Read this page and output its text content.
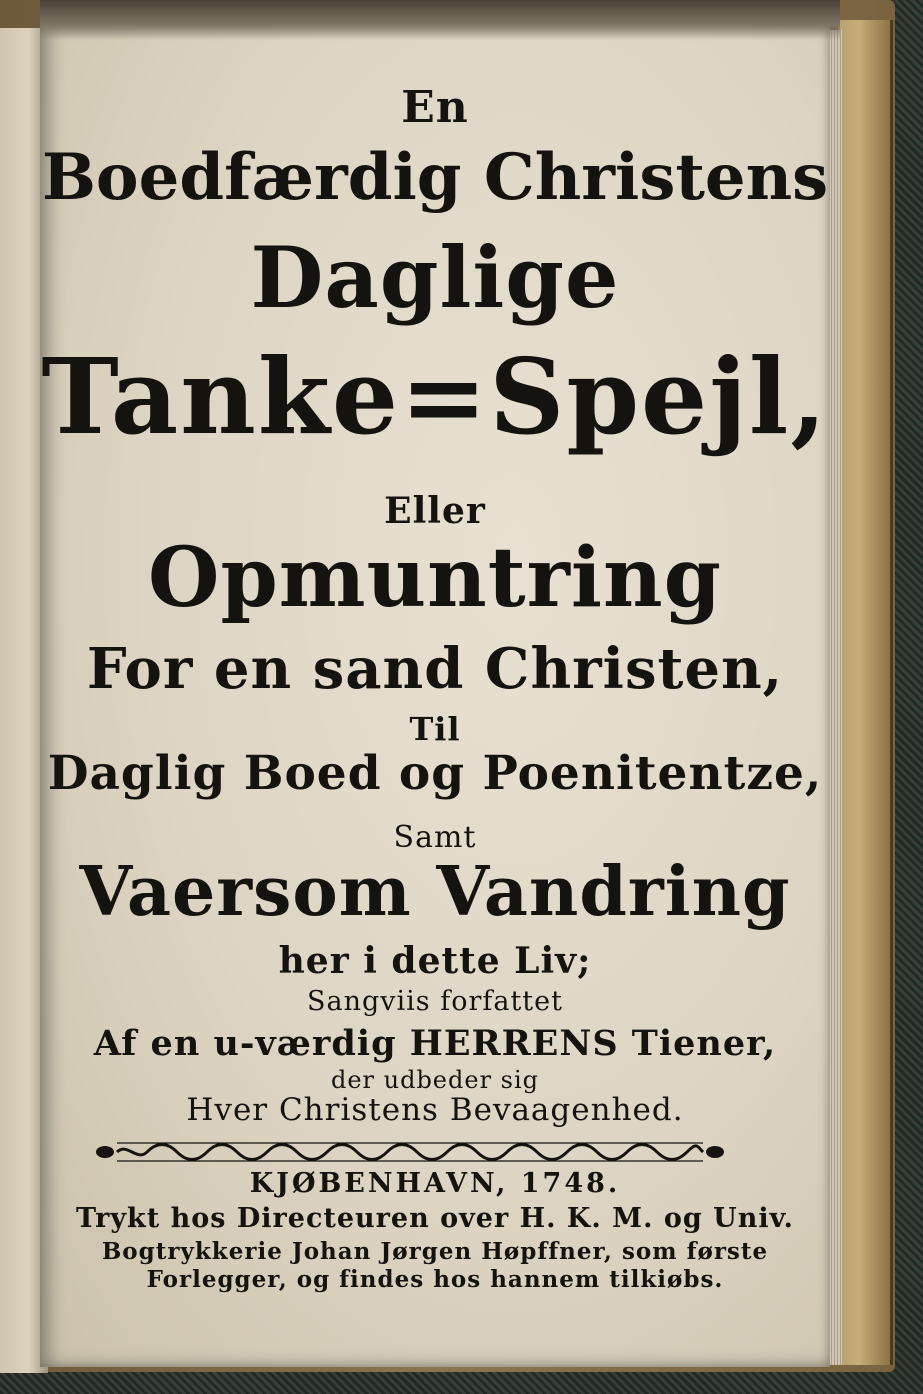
En
Boedfærdig Christens
Daglige
Tanke=Spejl,
Eller
Opmuntring
For en sand Christen,
Til
Daglig Boed og Poenitentze,
Samt
Vaersom Vandring
her i dette Liv;
Sangviis forfattet
Af en u-værdig HERRENS Tiener,
der udbeder sig
Hver Christens Bevaagenhed.
KJØBENHAVN, 1748.
Trykt hos Directeuren over H. K. M. og Univ.
Bogtrykkerie Johan Jørgen Høpffner, som første
Forlegger, og findes hos hannem tilkiøbs.
